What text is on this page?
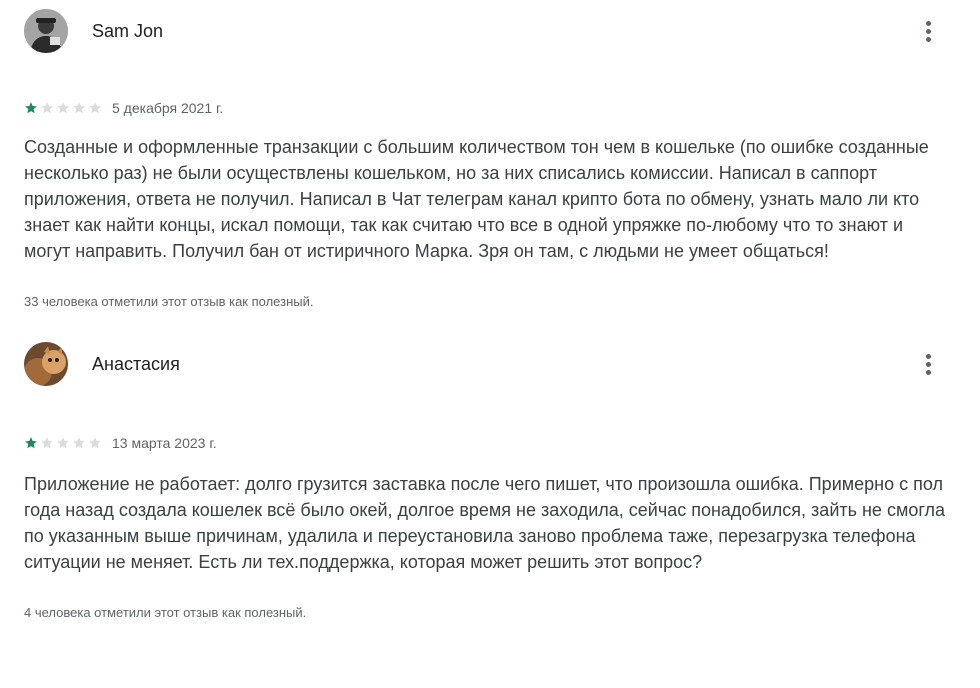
Sam Jon
5 декабря 2021 г.

Созданные и оформленные транзакции с большим количеством тон чем в кошельке (по ошибке созданные несколько раз) не были осуществлены кошельком, но за них списались комиссии. Написал в саппорт приложения, ответа не получил. Написал в Чат телеграм канал крипто бота по обмену, узнать мало ли кто знает как найти концы, искал помощи, так как считаю что все в одной упряжке по-любому что то знают и могут направить. Получил бан от истиричного Марка. Зря он там, с людьми не умеет общаться!

33 человека отметили этот отзыв как полезный.
Анастасия
13 марта 2023 г.

Приложение не работает: долго грузится заставка после чего пишет, что произошла ошибка. Примерно с пол года назад создала кошелек всё было окей, долгое время не заходила, сейчас понадобился, зайть не смогла по указанным выше причинам, удалила и переустановила заново проблема таже, перезагрузка телефона ситуации не меняет. Есть ли тех.поддержка, которая может решить этот вопрос?

4 человека отметили этот отзыв как полезный.
